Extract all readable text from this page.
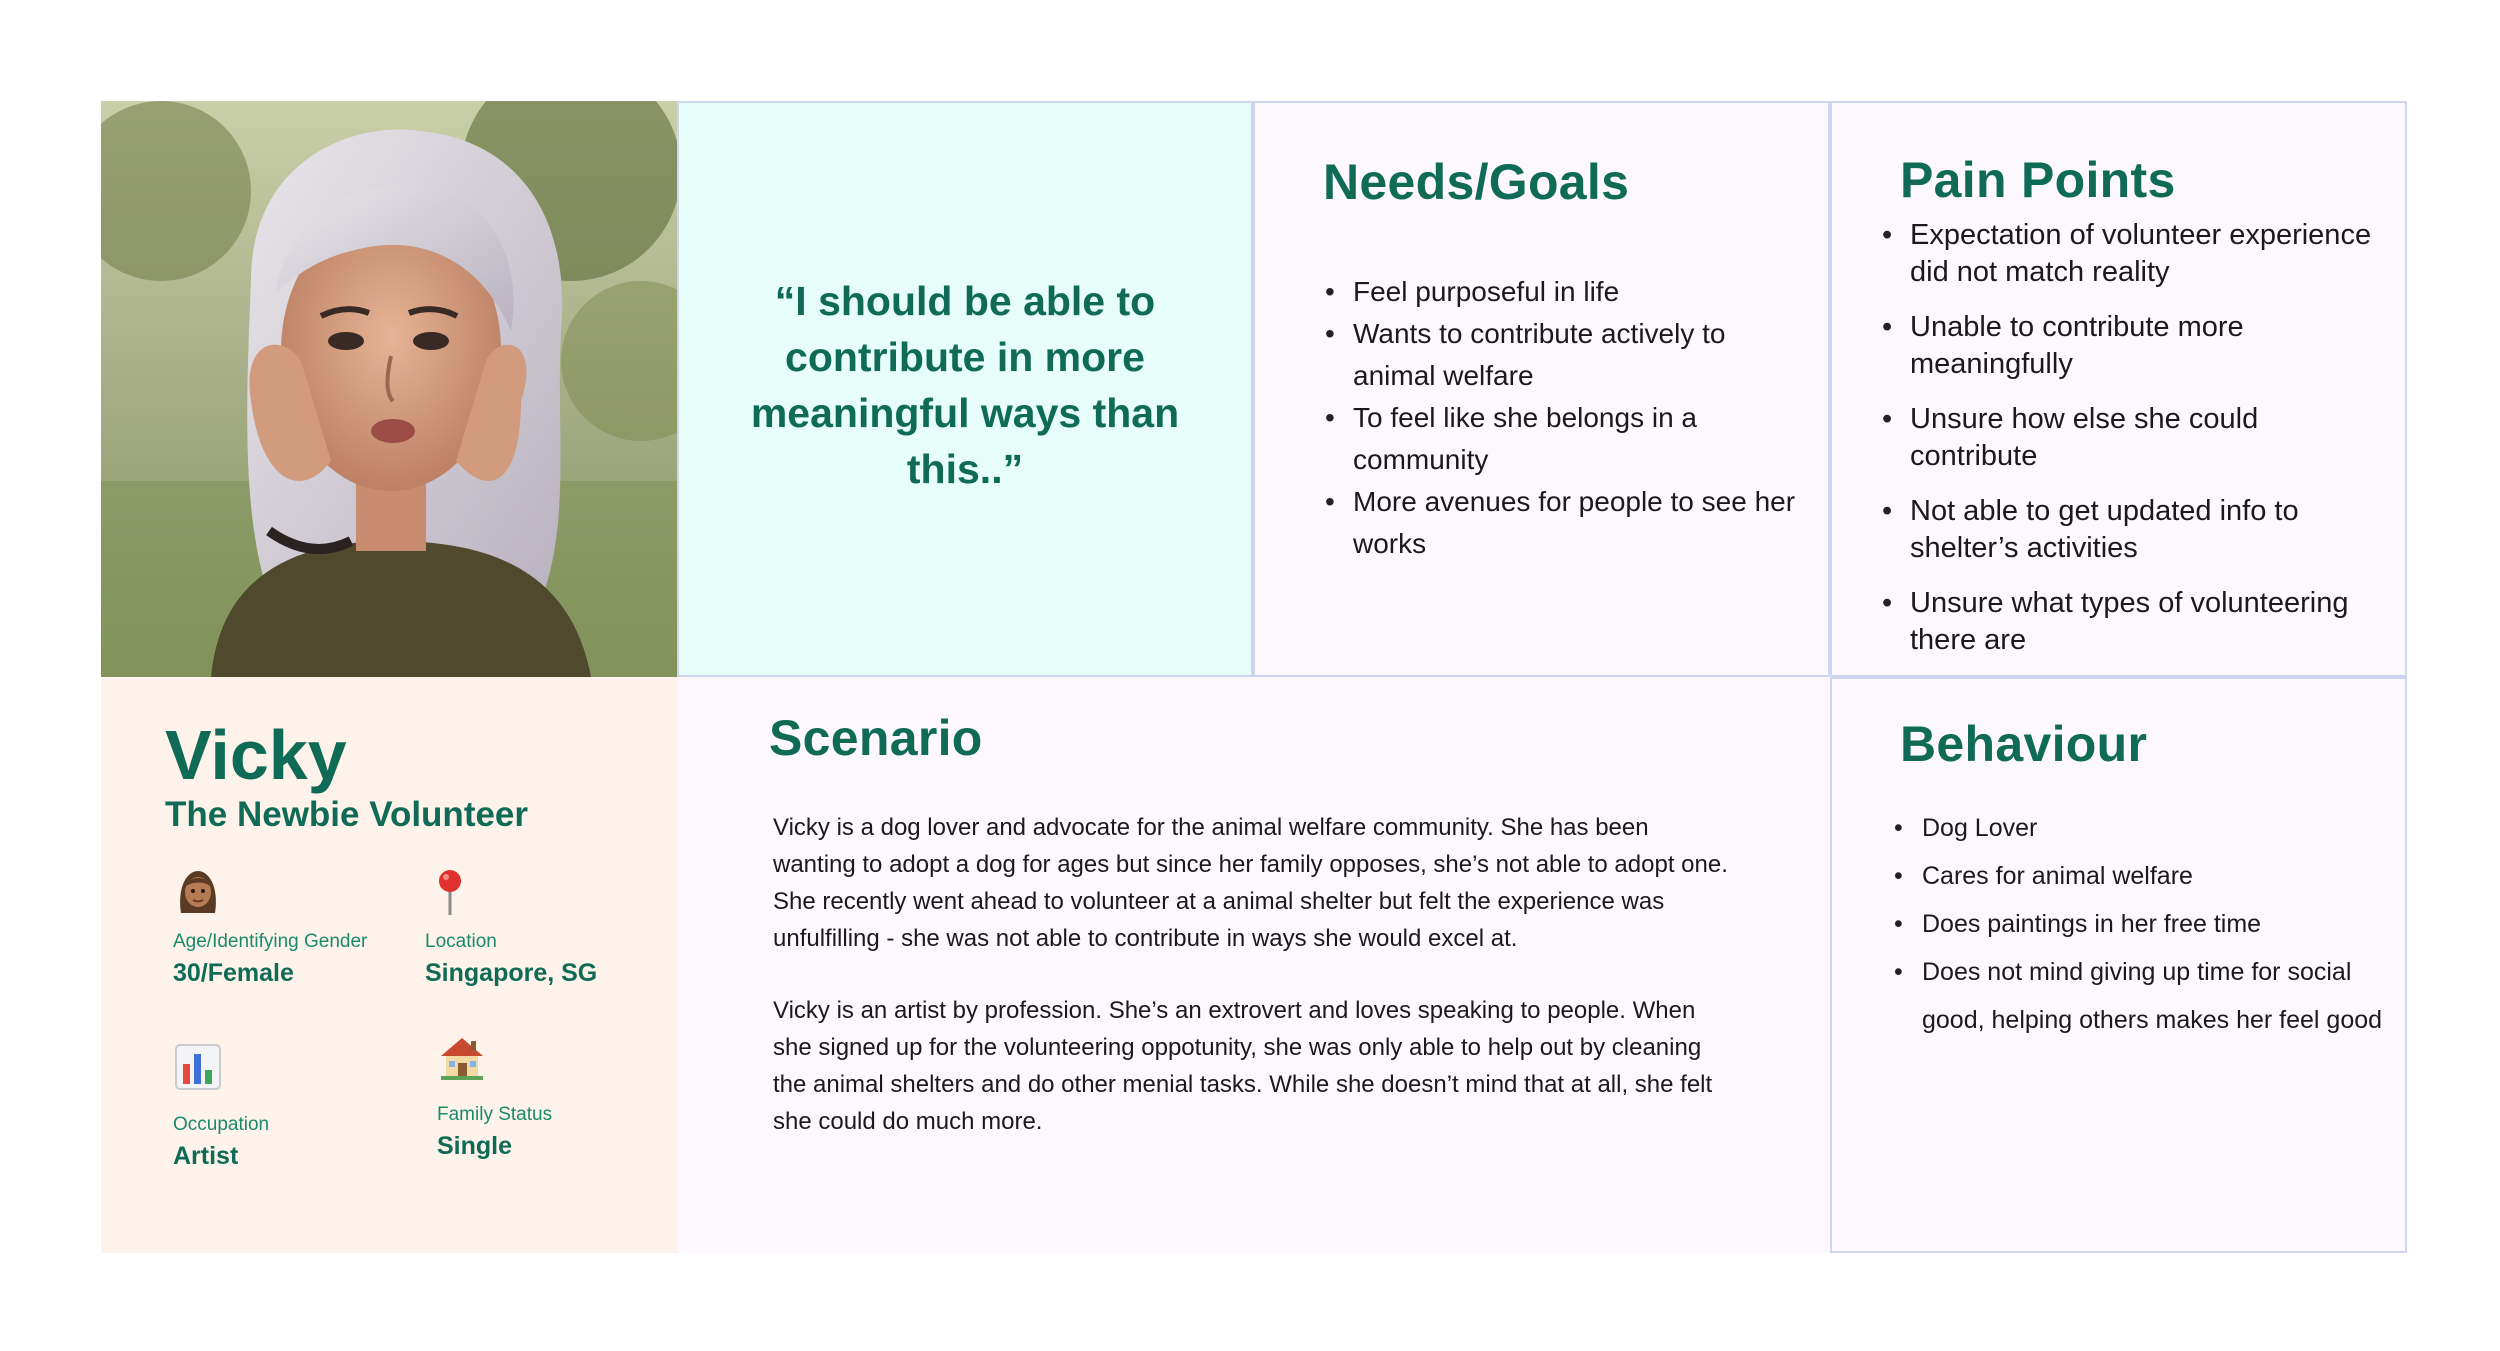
“I should be able to contribute in more meaningful ways than this..”
Needs/Goals
• Feel purposeful in life
• Wants to contribute actively to animal welfare
• To feel like she belongs in a community
• More avenues for people to see her works
Pain Points
• Expectation of volunteer experience did not match reality
• Unable to contribute more meaningfully
• Unsure how else she could contribute
• Not able to get updated info to shelter’s activities
• Unsure what types of volunteering there are
Vicky
The Newbie Volunteer
Age/Identifying Gender
30/Female
Location
Singapore, SG
Occupation
Artist
Family Status
Single
Scenario

Vicky is a dog lover and advocate for the animal welfare community. She has been wanting to adopt a dog for ages but since her family opposes, she’s not able to adopt one. She recently went ahead to volunteer at a animal shelter but felt the experience was unfulfilling - she was not able to contribute in ways she would excel at.

Vicky is an artist by profession. She’s an extrovert and loves speaking to people. When she signed up for the volunteering oppotunity, she was only able to help out by cleaning the animal shelters and do other menial tasks. While she doesn’t mind that at all, she felt she could do much more.

Behaviour
• Dog Lover
• Cares for animal welfare
• Does paintings in her free time
• Does not mind giving up time for social good, helping others makes her feel good
